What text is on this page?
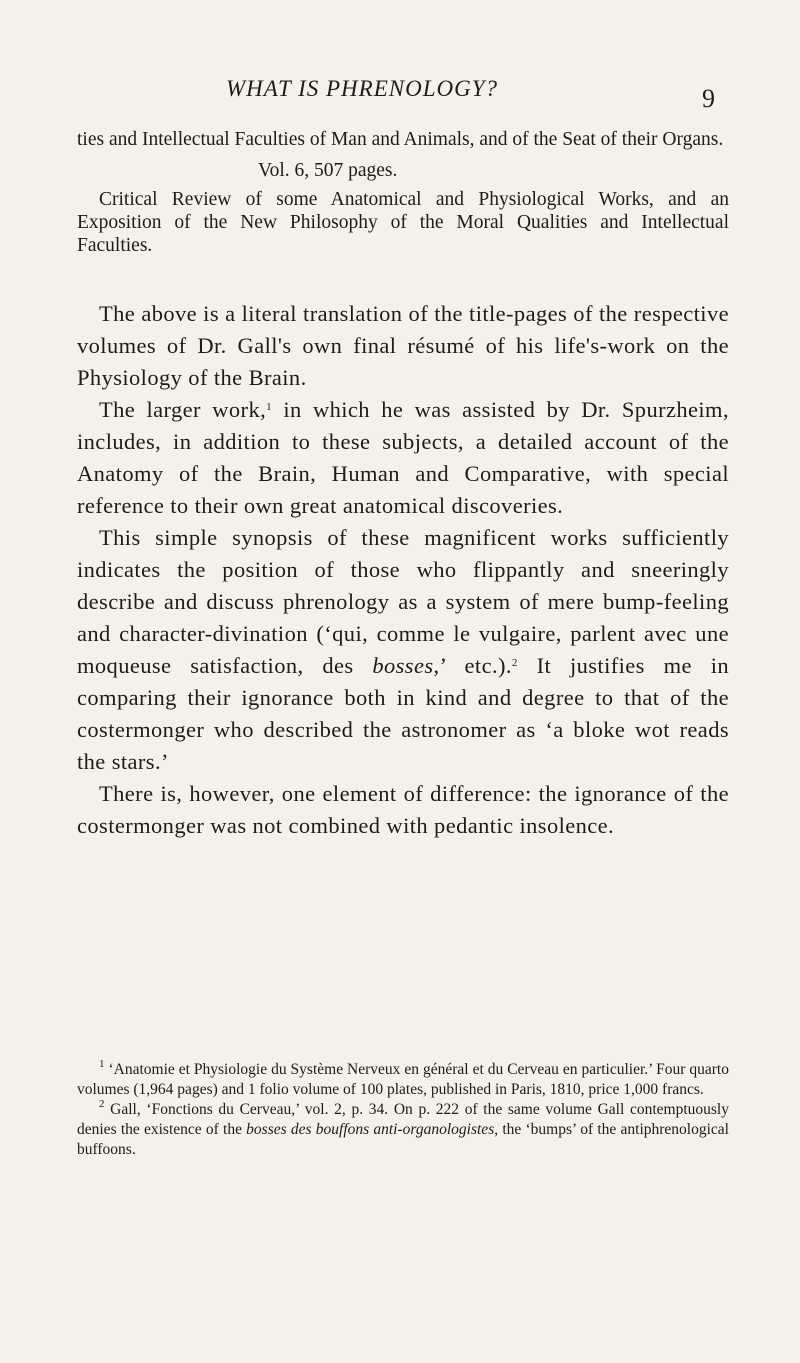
WHAT IS PHRENOLOGY?	9

ties and Intellectual Faculties of Man and Animals, and of the Seat of their Organs.

Vol. 6, 507 pages.

Critical Review of some Anatomical and Physiological Works, and an Exposition of the New Philosophy of the Moral Qualities and Intellectual Faculties.

The above is a literal translation of the title-pages of the respective volumes of Dr. Gall's own final résumé of his life's-work on the Physiology of the Brain.

The larger work,$^1$ in which he was assisted by Dr. Spurzheim, includes, in addition to these subjects, a detailed account of the Anatomy of the Brain, Human and Comparative, with special reference to their own great anatomical discoveries.

This simple synopsis of these magnificent works sufficiently indicates the position of those who flippantly and sneeringly describe and discuss phrenology as a system of mere bump-feeling and character-divination (‘qui, comme le vulgaire, parlent avec une moqueuse satisfaction, des bosses,’ etc.).$^2$ It justifies me in comparing their ignorance both in kind and degree to that of the costermonger who described the astronomer as ‘a bloke wot reads the stars.’

There is, however, one element of difference: the ignorance of the costermonger was not combined with pedantic insolence.

$^1$ ‘Anatomie et Physiologie du Système Nerveux en général et du Cerveau en particulier.’ Four quarto volumes (1,964 pages) and 1 folio volume of 100 plates, published in Paris, 1810, price 1,000 francs.

$^2$ Gall, ‘Fonctions du Cerveau,’ vol. 2, p. 34. On p. 222 of the same volume Gall contemptuously denies the existence of the bosses des bouffons anti-organologistes, the ‘bumps’ of the antiphrenological buffoons.
